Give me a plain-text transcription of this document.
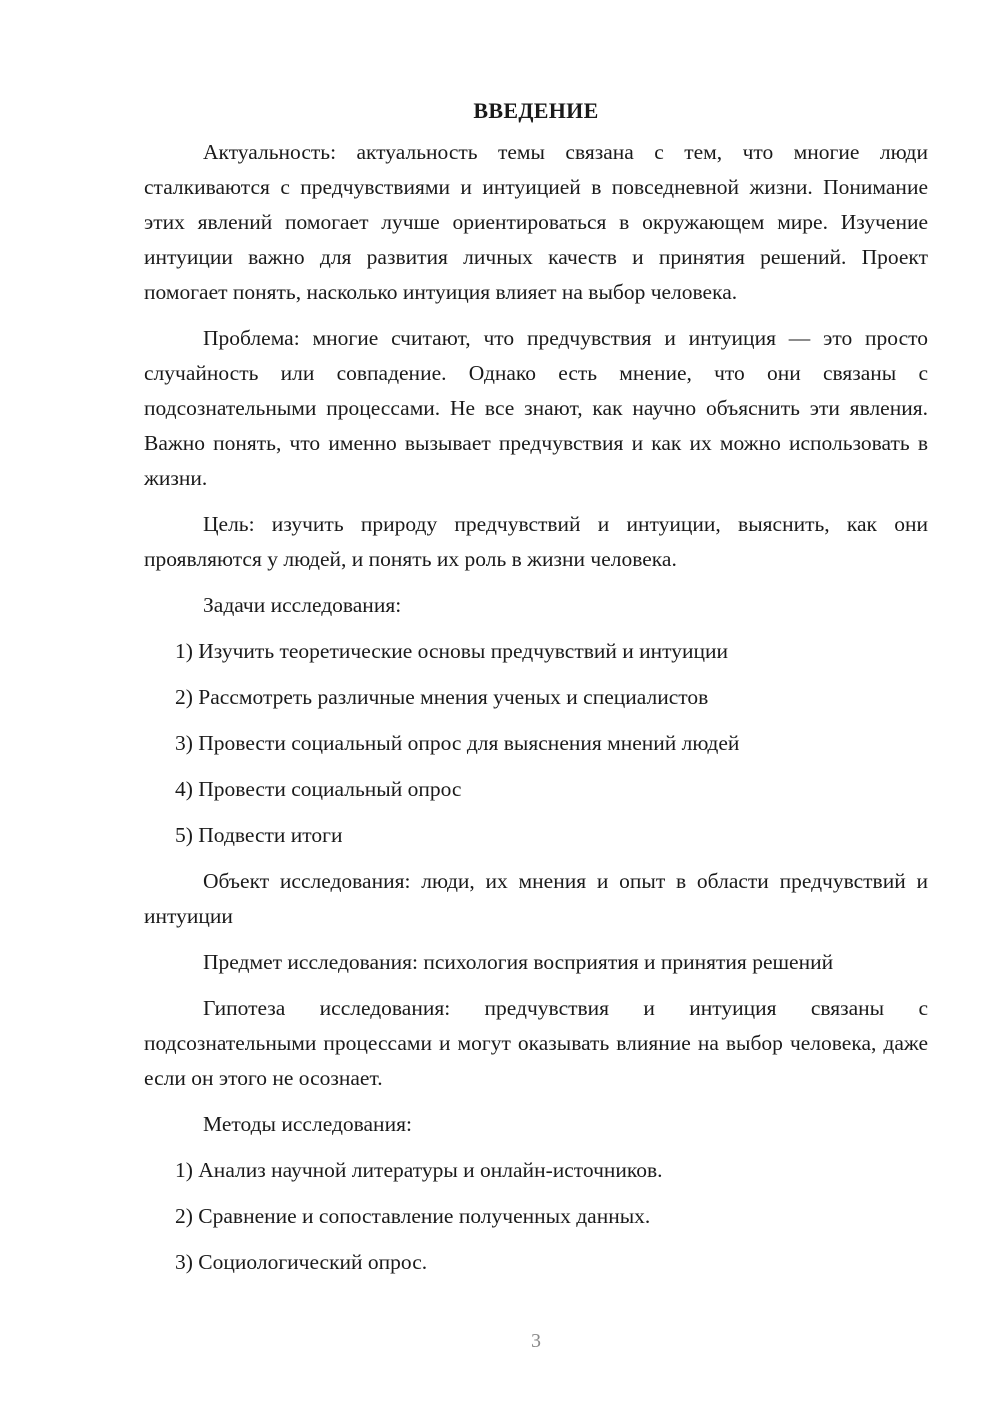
ВВЕДЕНИЕ

Актуальность: актуальность темы связана с тем, что многие люди сталкиваются с предчувствиями и интуицией в повседневной жизни. Понимание этих явлений помогает лучше ориентироваться в окружающем мире. Изучение интуиции важно для развития личных качеств и принятия решений. Проект помогает понять, насколько интуиция влияет на выбор человека.

Проблема: многие считают, что предчувствия и интуиция — это просто случайность или совпадение. Однако есть мнение, что они связаны с подсознательными процессами. Не все знают, как научно объяснить эти явления. Важно понять, что именно вызывает предчувствия и как их можно использовать в жизни.

Цель: изучить природу предчувствий и интуиции, выяснить, как они проявляются у людей, и понять их роль в жизни человека.

Задачи исследования:

1) Изучить теоретические основы предчувствий и интуиции

2) Рассмотреть различные мнения ученых и специалистов

3) Провести социальный опрос для выяснения мнений людей

4) Провести социальный опрос

5) Подвести итоги

Объект исследования: люди, их мнения и опыт в области предчувствий и интуиции

Предмет исследования: психология восприятия и принятия решений

Гипотеза исследования: предчувствия и интуиция связаны с подсознательными процессами и могут оказывать влияние на выбор человека, даже если он этого не осознает.

Методы исследования:

1) Анализ научной литературы и онлайн-источников.

2) Сравнение и сопоставление полученных данных.

3) Социологический опрос.

3
